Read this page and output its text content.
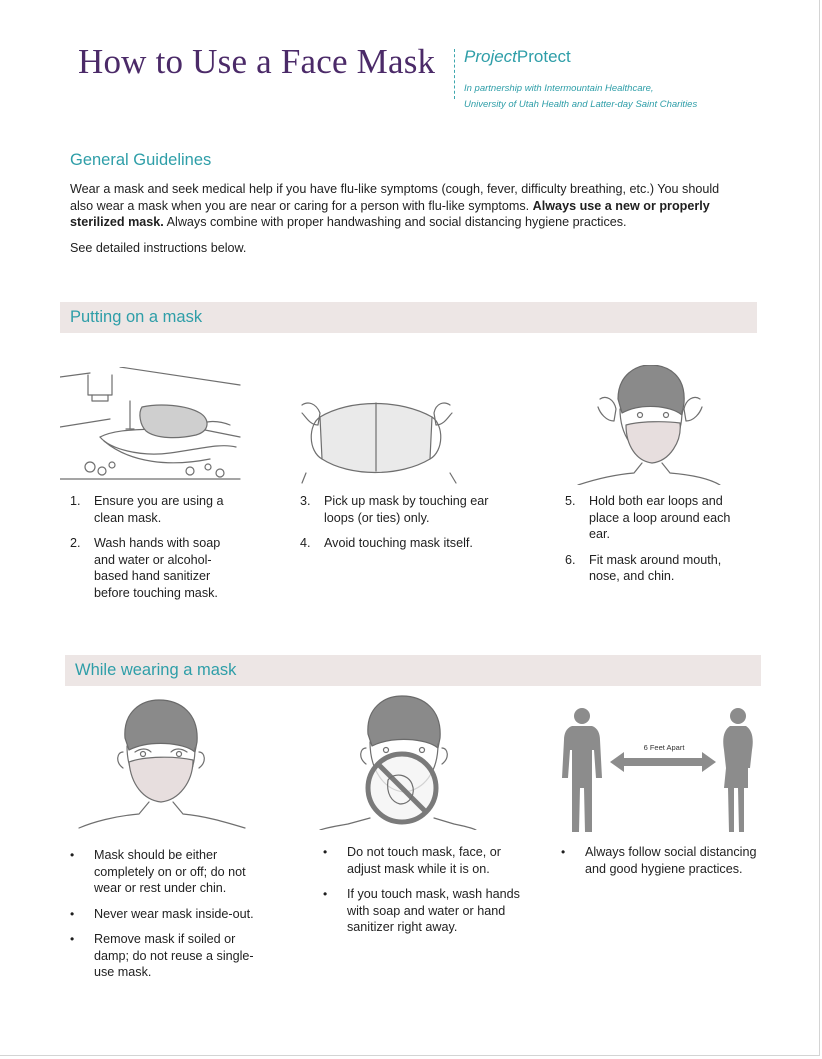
How to Use a Face Mask ProjectProtect
In partnership with Intermountain Healthcare,
University of Utah Health and Latter-day Saint Charities
General Guidelines
Wear a mask and seek medical help if you have flu-like symptoms (cough, fever, difficulty breathing, etc.) You should also wear a mask when you are near or caring for a person with flu-like symptoms. Always use a new or properly sterilized mask. Always combine with proper handwashing and social distancing hygiene practices.
See detailed instructions below.
Putting on a mask
1. Ensure you are using a clean mask.
2. Wash hands with soap and water or alcohol-based hand sanitizer before touching mask.
3. Pick up mask by touching ear loops (or ties) only.
4. Avoid touching mask itself.
5. Hold both ear loops and place a loop around each ear.
6. Fit mask around mouth, nose, and chin.
While wearing a mask
6 Feet Apart
• Mask should be either completely on or off; do not wear or rest under chin.
• Never wear mask inside-out.
• Remove mask if soiled or damp; do not reuse a single-use mask.
• Do not touch mask, face, or adjust mask while it is on.
• If you touch mask, wash hands with soap and water or hand sanitizer right away.
• Always follow social distancing and good hygiene practices.
